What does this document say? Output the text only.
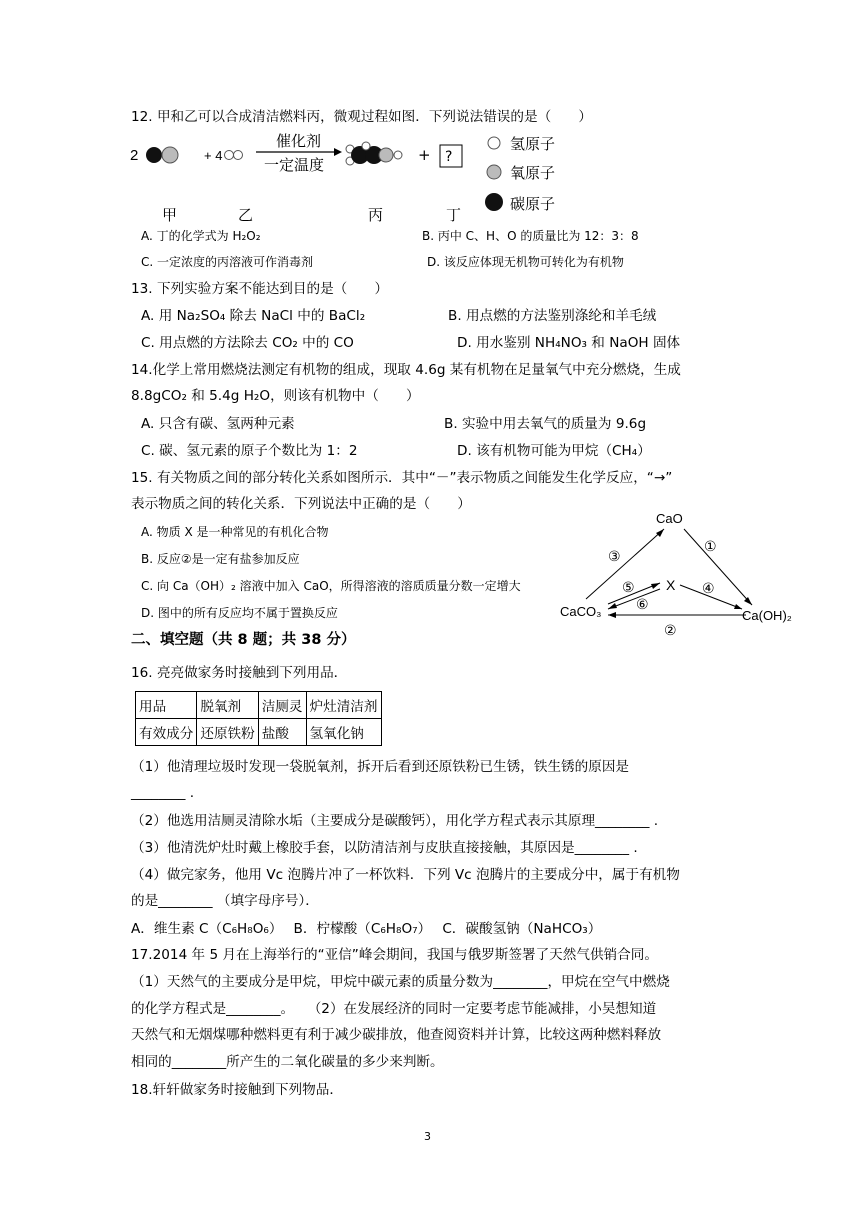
12. 甲和乙可以合成清洁燃料丙，微观过程如图．下列说法错误的是（　　）
2	+ 4
催化剂
一定温度
+ ?
氢原子
氧原子
碳原子
甲	乙	丙	丁
A. 丁的化学式为 H₂O₂	B. 丙中 C、H、O 的质量比为 12：3：8
C. 一定浓度的丙溶液可作消毒剂	D. 该反应体现无机物可转化为有机物
13. 下列实验方案不能达到目的是（　　）
A. 用 Na₂SO₄ 除去 NaCl 中的 BaCl₂	B. 用点燃的方法鉴别涤纶和羊毛绒
C. 用点燃的方法除去 CO₂ 中的 CO	D. 用水鉴别 NH₄NO₃ 和 NaOH 固体
14.化学上常用燃烧法测定有机物的组成，现取 4.6g 某有机物在足量氧气中充分燃烧，生成
8.8gCO₂ 和 5.4g H₂O，则该有机物中（　　）
A. 只含有碳、氢两种元素	B. 实验中用去氧气的质量为 9.6g
C. 碳、氢元素的原子个数比为 1：2	D. 该有机物可能为甲烷（CH₄）
15. 有关物质之间的部分转化关系如图所示．其中“－”表示物质之间能发生化学反应，“→”
表示物质之间的转化关系．下列说法中正确的是（　　）
A. 物质 X 是一种常见的有机化合物
B. 反应②是一定有盐参加反应
C. 向 Ca（OH）₂ 溶液中加入 CaO，所得溶液的溶质质量分数一定增大
D. 图中的所有反应均不属于置换反应
CaO
CaCO₃	Ca(OH)₂
X
③
①
⑤
⑥
④
②
二、填空题（共 8 题；共 38 分）
16. 亮亮做家务时接触到下列用品．
用品	脱氧剂	洁厕灵	炉灶清洁剂
有效成分	还原铁粉	盐酸	氢氧化钠
（1）他清理垃圾时发现一袋脱氧剂，拆开后看到还原铁粉已生锈，铁生锈的原因是
________ .
（2）他选用洁厕灵清除水垢（主要成分是碳酸钙），用化学方程式表示其原理________ .
（3）他清洗炉灶时戴上橡胶手套，以防清洁剂与皮肤直接接触，其原因是________ .
（4）做完家务，他用 Vc 泡腾片冲了一杯饮料．下列 Vc 泡腾片的主要成分中，属于有机物
的是________ （填字母序号）．
A．维生素 C（C₆H₈O₆）　 B．柠檬酸（C₆H₈O₇）　 C．碳酸氢钠（NaHCO₃）
17.2014 年 5 月在上海举行的“亚信”峰会期间，我国与俄罗斯签署了天然气供销合同。
（1）天然气的主要成分是甲烷，甲烷中碳元素的质量分数为________，甲烷在空气中燃烧
的化学方程式是________。　　（2）在发展经济的同时一定要考虑节能减排，小吴想知道
天然气和无烟煤哪种燃料更有利于减少碳排放，他查阅资料并计算，比较这两种燃料释放
相同的________所产生的二氧化碳量的多少来判断。
18.轩轩做家务时接触到下列物品．
3
